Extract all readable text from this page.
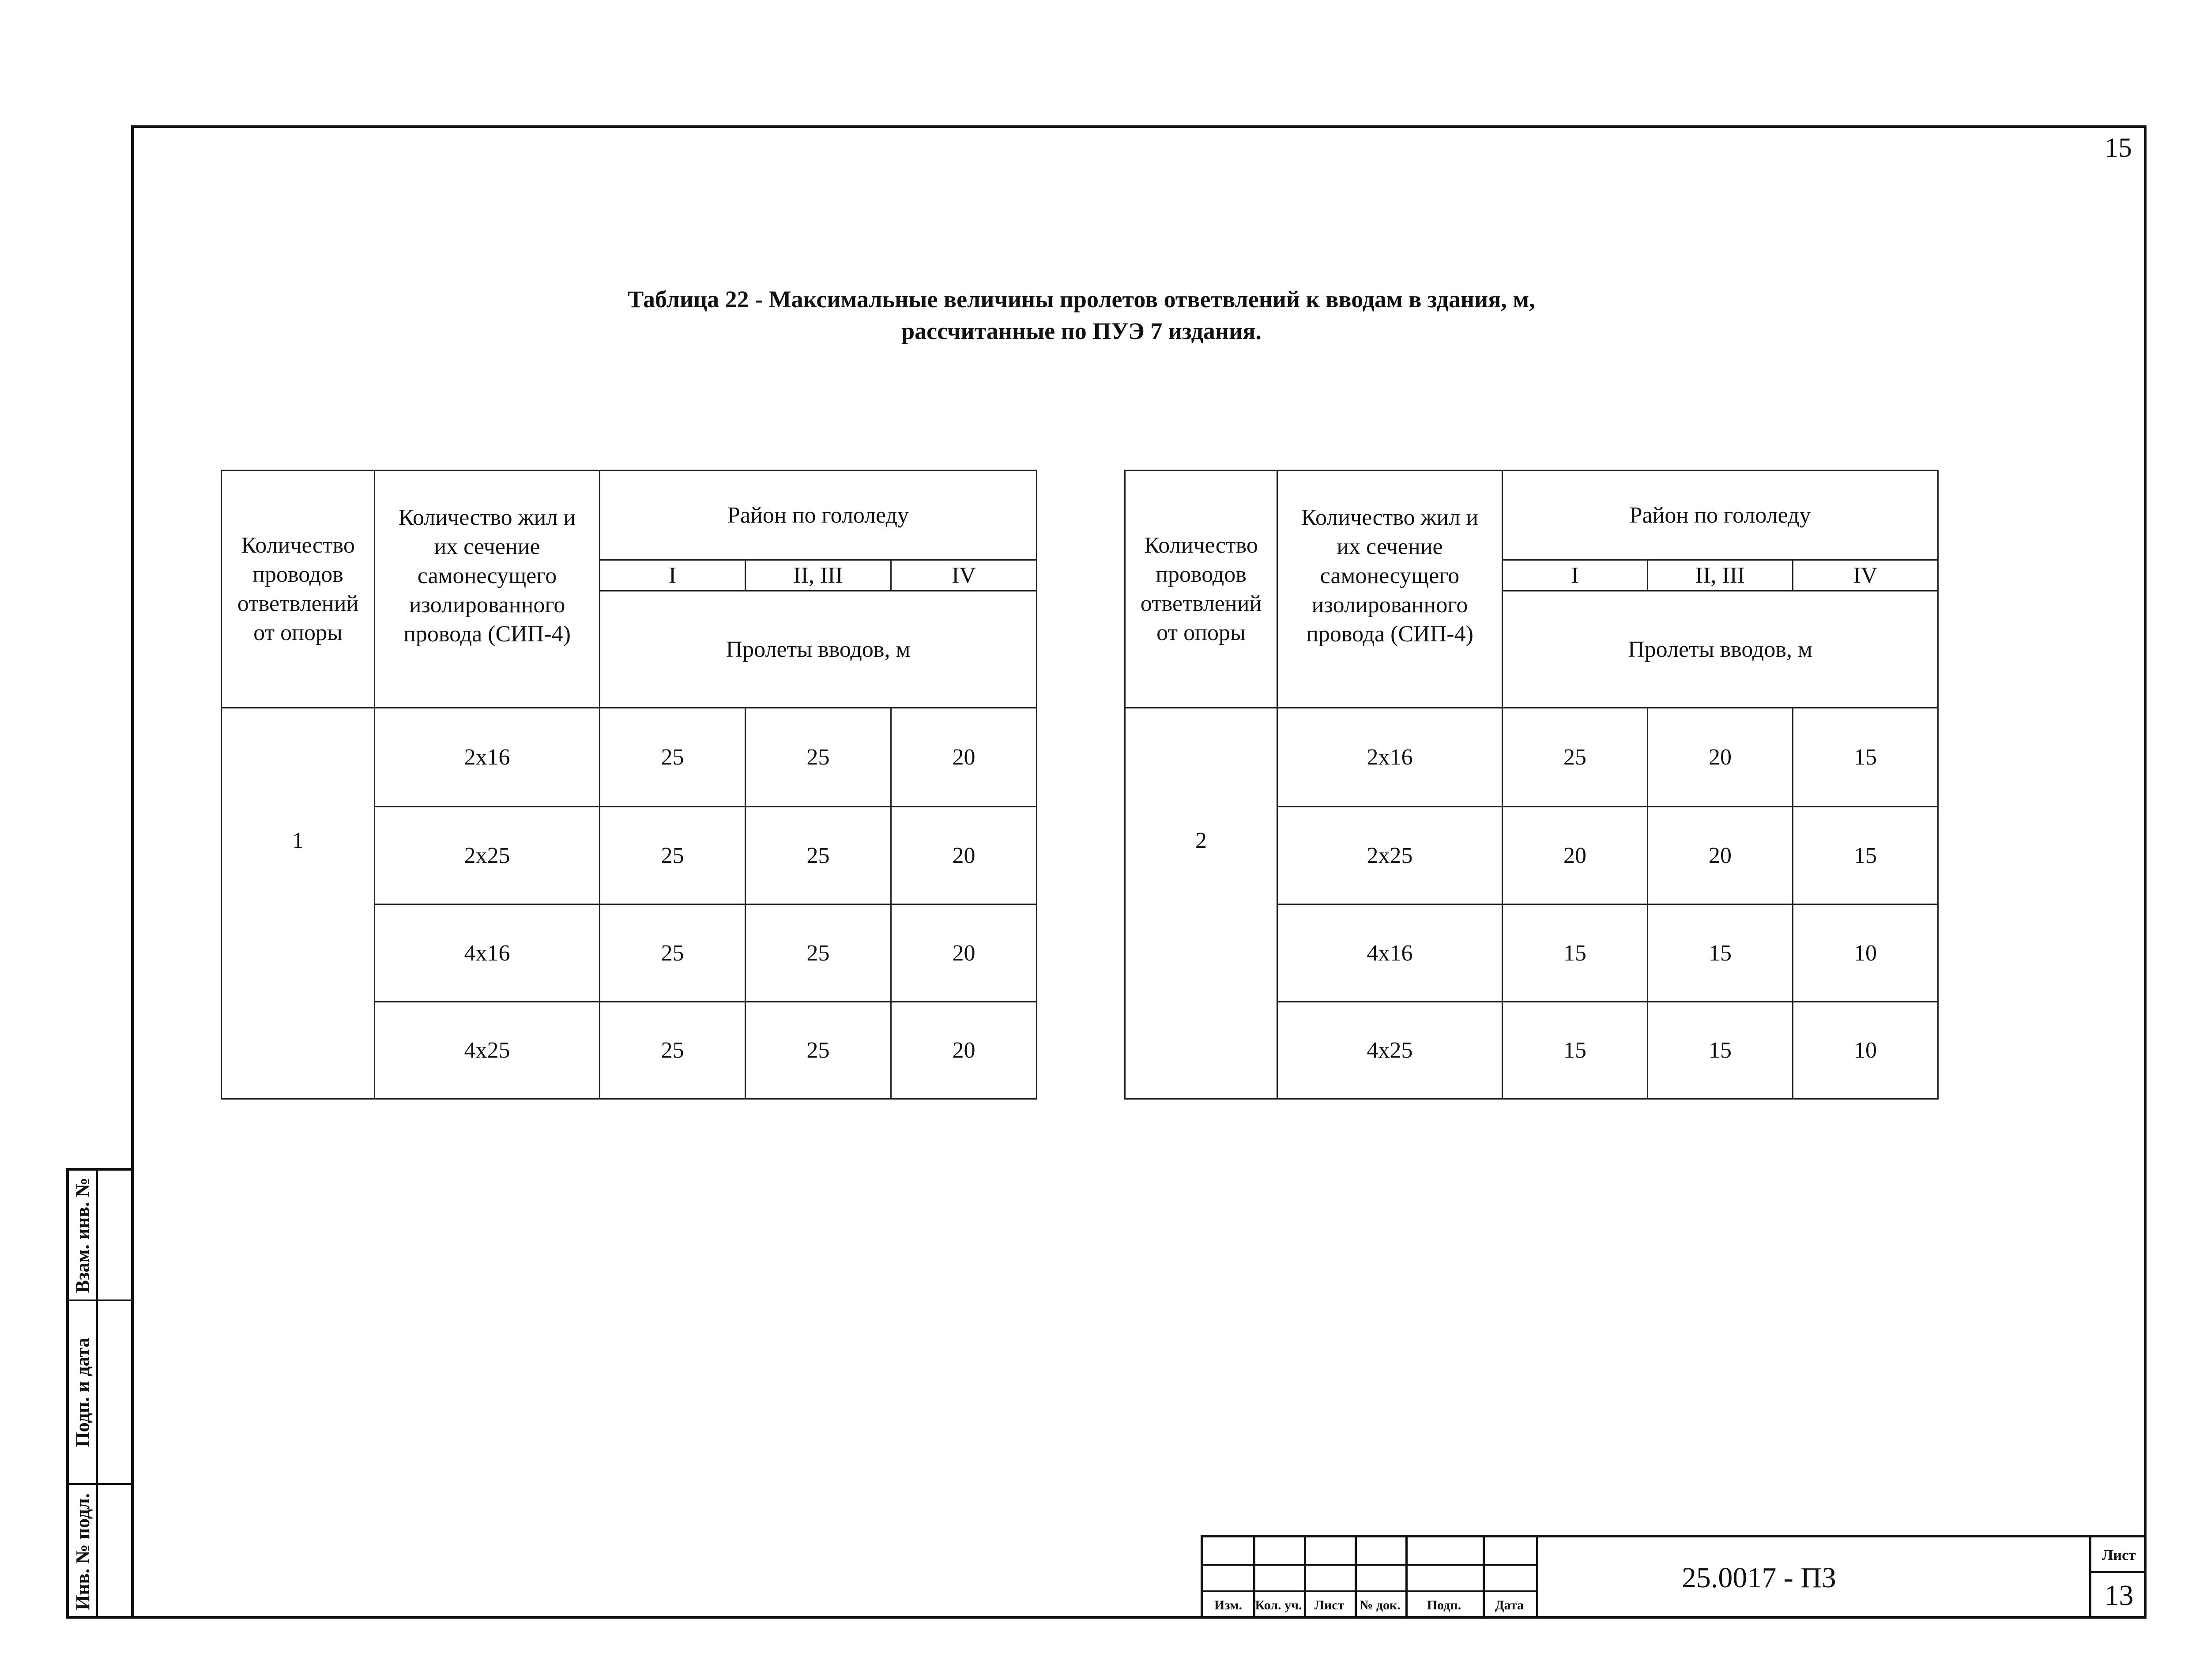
15
Таблица 22 - Максимальные величины пролетов ответвлений к вводам в здания, м,
рассчитанные по ПУЭ 7 издания.
Количество проводов ответвлений от опоры	Количество жил и их сечение самонесущего изолированного провода (СИП-4)	Район по гололеду		
		I	II, III	IV
		Пролеты вводов, м		
1	2х16	25	25	20
	2х25	25	25	20
	4х16	25	25	20
	4х25	25	25	20
Количество проводов ответвлений от опоры	Количество жил и их сечение самонесущего изолированного провода (СИП-4)	Район по гололеду		
		I	II, III	IV
		Пролеты вводов, м		
2	2х16	25	20	15
	2х25	20	20	15
	4х16	15	15	10
	4х25	15	15	10
Взам. инв. №
Подп. и дата
Инв. № подл.	Изм. Кол. уч. Лист	№ док.	Подп.	Дата
25.0017 - ПЗ
Лист
13
